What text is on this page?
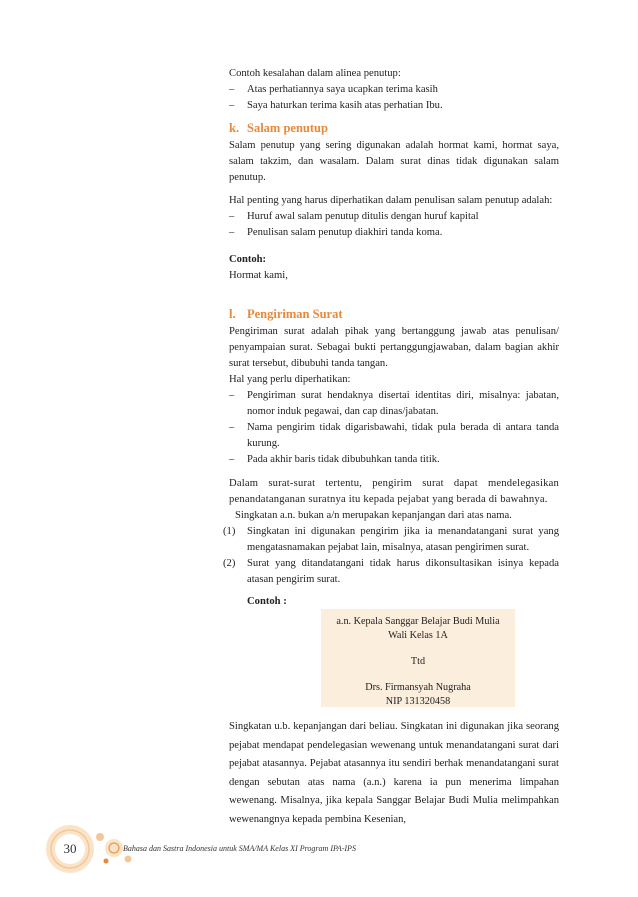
Contoh kesalahan dalam alinea penutup:

– Atas perhatiannya saya ucapkan terima kasih

– Saya haturkan terima kasih atas perhatian Ibu.

k. Salam penutup

Salam penutup yang sering digunakan adalah hormat kami, hormat saya, salam takzim, dan wasalam. Dalam surat dinas tidak digunakan salam penutup.

Hal penting yang harus diperhatikan dalam penulisan salam penutup adalah:

– Huruf awal salam penutup ditulis dengan huruf kapital

– Penulisan salam penutup diakhiri tanda koma.

Contoh:

Hormat kami,

l. Pengiriman Surat

Pengiriman surat adalah pihak yang bertanggung jawab atas penulisan/ penyampaian surat. Sebagai bukti pertanggungjawaban, dalam bagian akhir surat tersebut, dibubuhi tanda tangan.

Hal yang perlu diperhatikan:

– Pengiriman surat hendaknya disertai identitas diri, misalnya: jabatan, nomor induk pegawai, dan cap dinas/jabatan.

– Nama pengirim tidak digarisbawahi, tidak pula berada di antara tanda kurung.

– Pada akhir baris tidak dibubuhkan tanda titik.

Dalam surat-surat tertentu, pengirim surat dapat mendelegasikan penandatanganan suratnya itu kepada pejabat yang berada di bawahnya.

Singkatan a.n. bukan a/n merupakan kepanjangan dari atas nama.

(1) Singkatan ini digunakan pengirim jika ia menandatangani surat yang mengatasnamakan pejabat lain, misalnya, atasan pengirimen surat.

(2) Surat yang ditandatangani tidak harus dikonsultasikan isinya kepada atasan pengirim surat.

Contoh :

a.n. Kepala Sanggar Belajar Budi Mulia
Wali Kelas 1A
Ttd
Drs. Firmansyah Nugraha
NIP 131320458

Singkatan u.b. kepanjangan dari beliau. Singkatan ini digunakan jika seorang pejabat mendapat pendelegasian wewenang untuk menandatangani surat dari pejabat atasannya. Pejabat atasannya itu sendiri berhak menandatangani surat dengan sebutan atas nama (a.n.) karena ia pun menerima limpahan wewenang. Misalnya, jika kepala Sanggar Belajar Budi Mulia melimpahkan wewenangnya kepada pembina Kesenian,

30	Bahasa dan Sastra Indonesia untuk SMA/MA Kelas XI Program IPA-IPS
